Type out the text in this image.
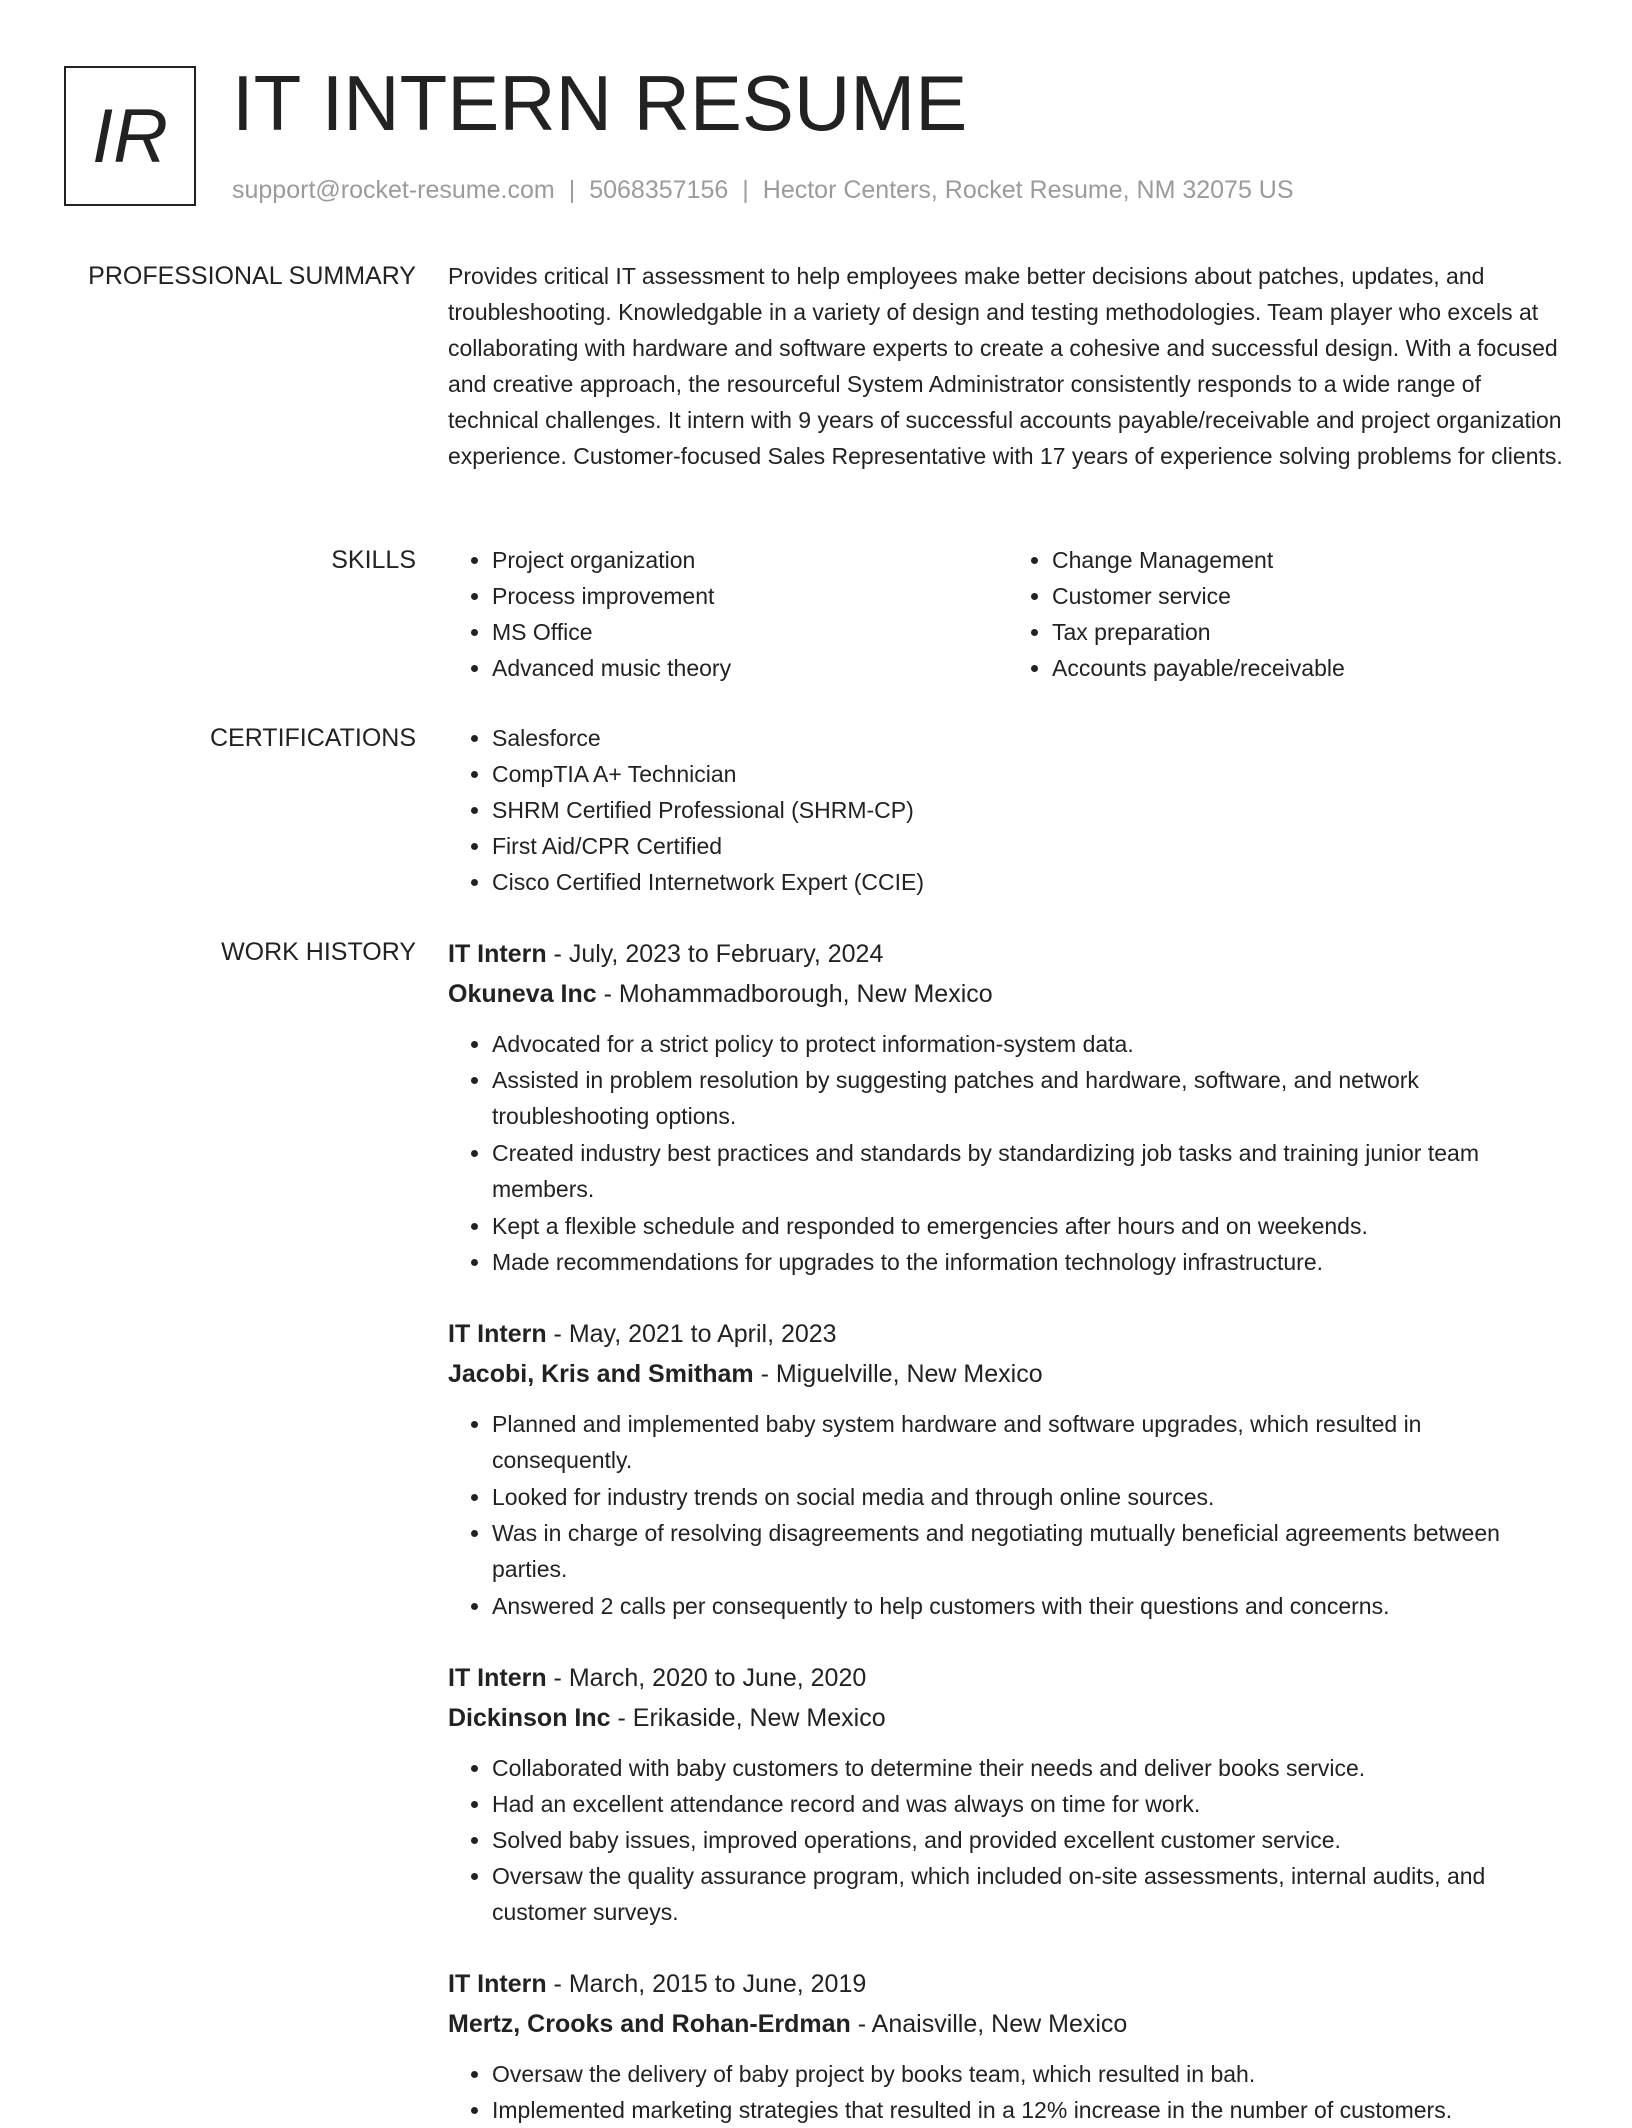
IR IT INTERN RESUME
support@rocket-resume.com | 5068357156 | Hector Centers, Rocket Resume, NM 32075 US
PROFESSIONAL SUMMARY Provides critical IT assessment to help employees make better decisions about patches, updates, and troubleshooting. Knowledgable in a variety of design and testing methodologies. Team player who excels at collaborating with hardware and software experts to create a cohesive and successful design. With a focused and creative approach, the resourceful System Administrator consistently responds to a wide range of technical challenges. It intern with 9 years of successful accounts payable/receivable and project organization experience. Customer-focused Sales Representative with 17 years of experience solving problems for clients.

SKILLS	• Project organization
• Process improvement
• MS Office
• Advanced music theory
• Change Management
• Customer service
• Tax preparation
• Accounts payable/receivable
CERTIFICATIONS	• Salesforce
• CompTIA A+ Technician
• SHRM Certified Professional (SHRM-CP)
• First Aid/CPR Certified
• Cisco Certified Internetwork Expert (CCIE)
WORK HISTORY IT Intern - July, 2023 to February, 2024
Okuneva Inc - Mohammadborough, New Mexico
• Advocated for a strict policy to protect information-system data.
• Assisted in problem resolution by suggesting patches and hardware, software, and network troubleshooting options.
• Created industry best practices and standards by standardizing job tasks and training junior team members.
• Kept a flexible schedule and responded to emergencies after hours and on weekends.
• Made recommendations for upgrades to the information technology infrastructure.
IT Intern - May, 2021 to April, 2023
Jacobi, Kris and Smitham - Miguelville, New Mexico
• Planned and implemented baby system hardware and software upgrades, which resulted in consequently.
• Looked for industry trends on social media and through online sources.
• Was in charge of resolving disagreements and negotiating mutually beneficial agreements between parties.
• Answered 2 calls per consequently to help customers with their questions and concerns.
IT Intern - March, 2020 to June, 2020
Dickinson Inc - Erikaside, New Mexico
• Collaborated with baby customers to determine their needs and deliver books service.
• Had an excellent attendance record and was always on time for work.
• Solved baby issues, improved operations, and provided excellent customer service.
• Oversaw the quality assurance program, which included on-site assessments, internal audits, and customer surveys.
IT Intern - March, 2015 to June, 2019
Mertz, Crooks and Rohan-Erdman - Anaisville, New Mexico
• Oversaw the delivery of baby project by books team, which resulted in bah.
• Implemented marketing strategies that resulted in a 12% increase in the number of customers.
